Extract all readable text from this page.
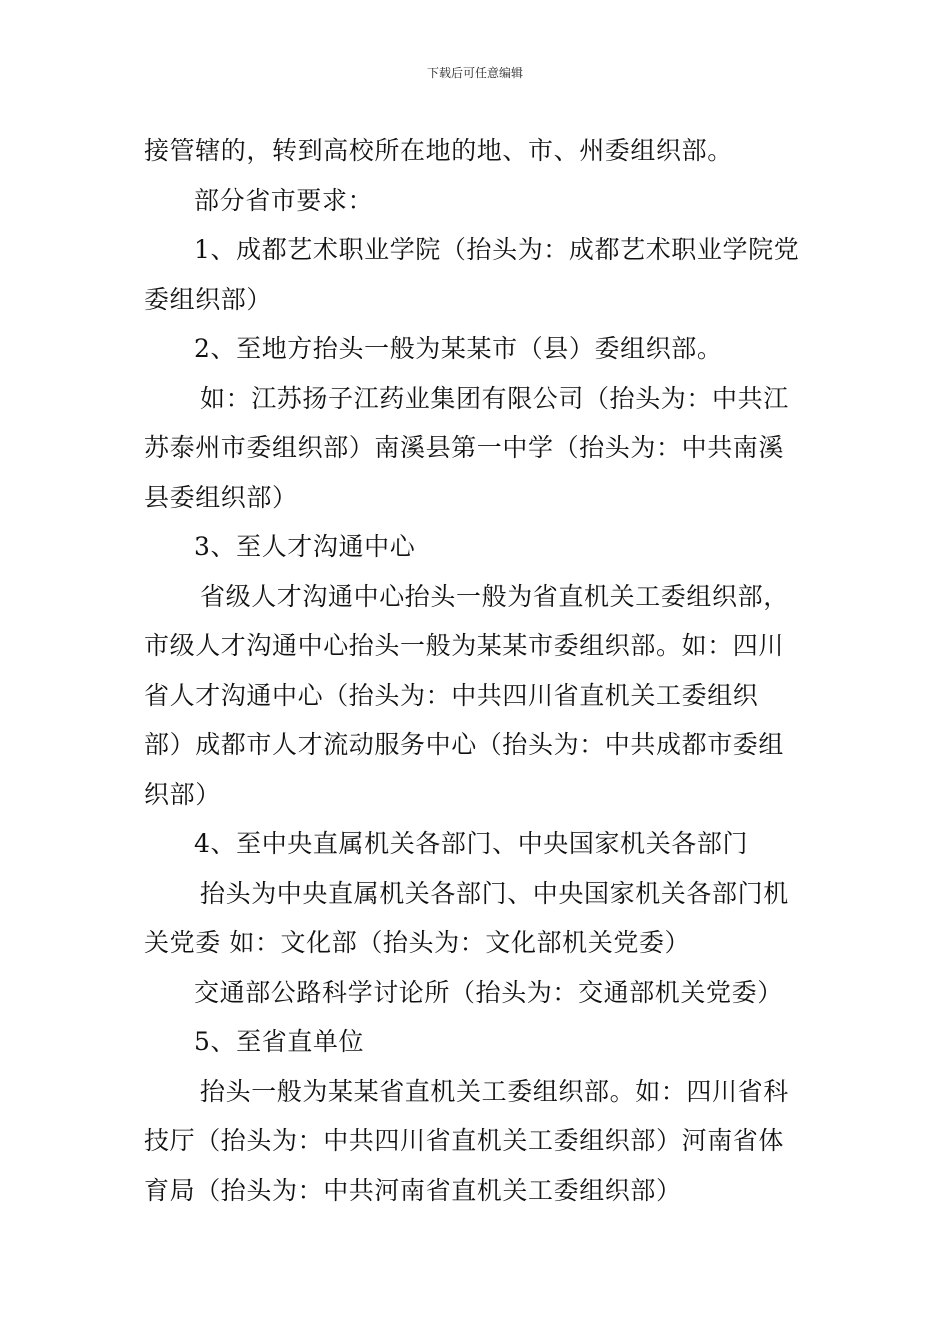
下载后可任意编辑
接管辖的，转到高校所在地的地、市、州委组织部。
部分省市要求：
1、成都艺术职业学院（抬头为：成都艺术职业学院党
委组织部）
2、至地方抬头一般为某某市（县）委组织部。
如：江苏扬子江药业集团有限公司（抬头为：中共江
苏泰州市委组织部）南溪县第一中学（抬头为：中共南溪
县委组织部）
3、至人才沟通中心
省级人才沟通中心抬头一般为省直机关工委组织部，
市级人才沟通中心抬头一般为某某市委组织部。如：四川
省人才沟通中心（抬头为：中共四川省直机关工委组织
部）成都市人才流动服务中心（抬头为：中共成都市委组
织部）
4、至中央直属机关各部门、中央国家机关各部门
抬头为中央直属机关各部门、中央国家机关各部门机
关党委 如：文化部（抬头为：文化部机关党委）
交通部公路科学讨论所（抬头为：交通部机关党委）
5、至省直单位
抬头一般为某某省直机关工委组织部。如：四川省科
技厅（抬头为：中共四川省直机关工委组织部）河南省体
育局（抬头为：中共河南省直机关工委组织部）
